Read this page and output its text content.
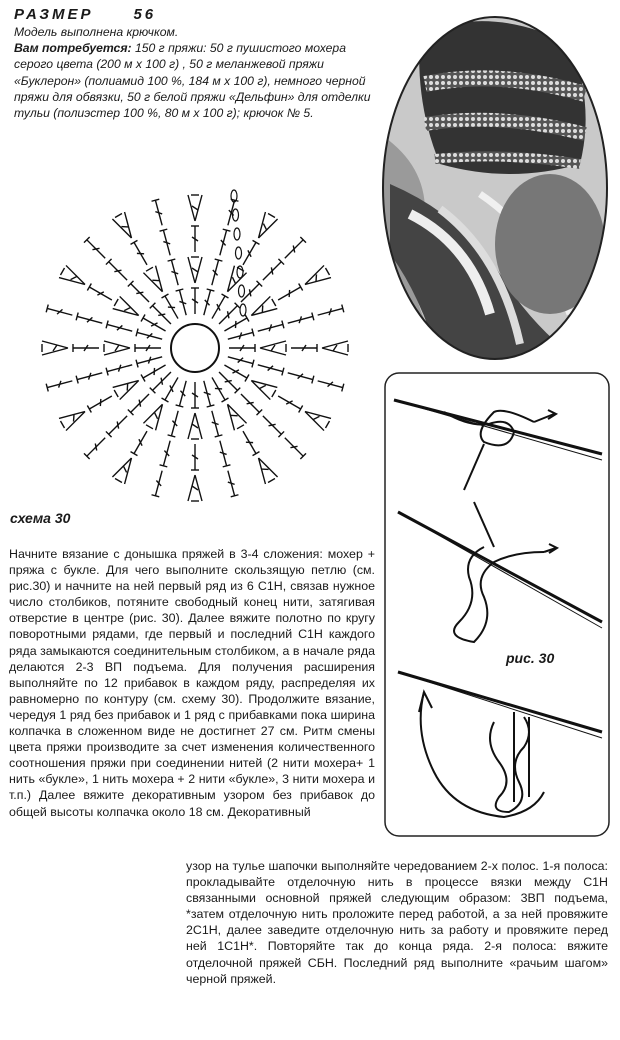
РАЗМЕР	56

Модель выполнена крючком.

Вам потребуется: 150 г пряжи: 50 г пушистого мохера серого цвета (200 м х 100 г) , 50 г меланжевой пряжи «Буклерон» (полиамид 100 %, 184 м х 100 г), немного черной пряжи для обвязки, 50 г белой пряжи «Дельфин» для отделки тульи (полиэстер 100 %, 80 м х 100 г); крючок № 5.

схема 30
рис. 30
Начните вязание с донышка пряжей в 3-4 сложения: мохер + пряжа с букле. Для чего выполните скользящую петлю (см. рис.30) и начните на ней первый ряд из 6 С1Н, связав нужное число столбиков, потяните свободный конец нити, затягивая отверстие в центре (рис. 30). Далее вяжите полотно по кругу поворотными рядами, где первый и последний С1Н каждого ряда замыкаются соединительным столбиком, а в начале ряда делаются 2-3 ВП подъема. Для получения расширения выполняйте по 12 прибавок в каждом ряду, распределяя их равномерно по контуру (см. схему 30). Продолжите вязание, чередуя 1 ряд без прибавок и 1 ряд с прибавками пока ширина колпачка в сложенном виде не достигнет 27 см. Ритм смены цвета пряжи производите за счет изменения количественного соотношения пряжи при соединении нитей (2 нити мохера+ 1 нить «букле», 1 нить мохера + 2 нити «букле», 3 нити мохера и т.п.) Далее вяжите декоративным узором без прибавок до общей высоты колпачка около 18 см. Декоративный
узор на тулье шапочки выполняйте чередованием 2-х полос. 1-я полоса: прокладывайте отделочную нить в процессе вязки между С1Н связанными основной пряжей следующим образом: 3ВП подъема, *затем отделочную нить проложите перед работой, а за ней провяжите 2С1Н, далее заведите отделочную нить за работу и провяжите перед ней 1С1Н*. Повторяйте так до конца ряда. 2-я полоса: вяжите отделочной пряжей СБН. Последний ряд выполните «рачьим шагом» черной пряжей.
